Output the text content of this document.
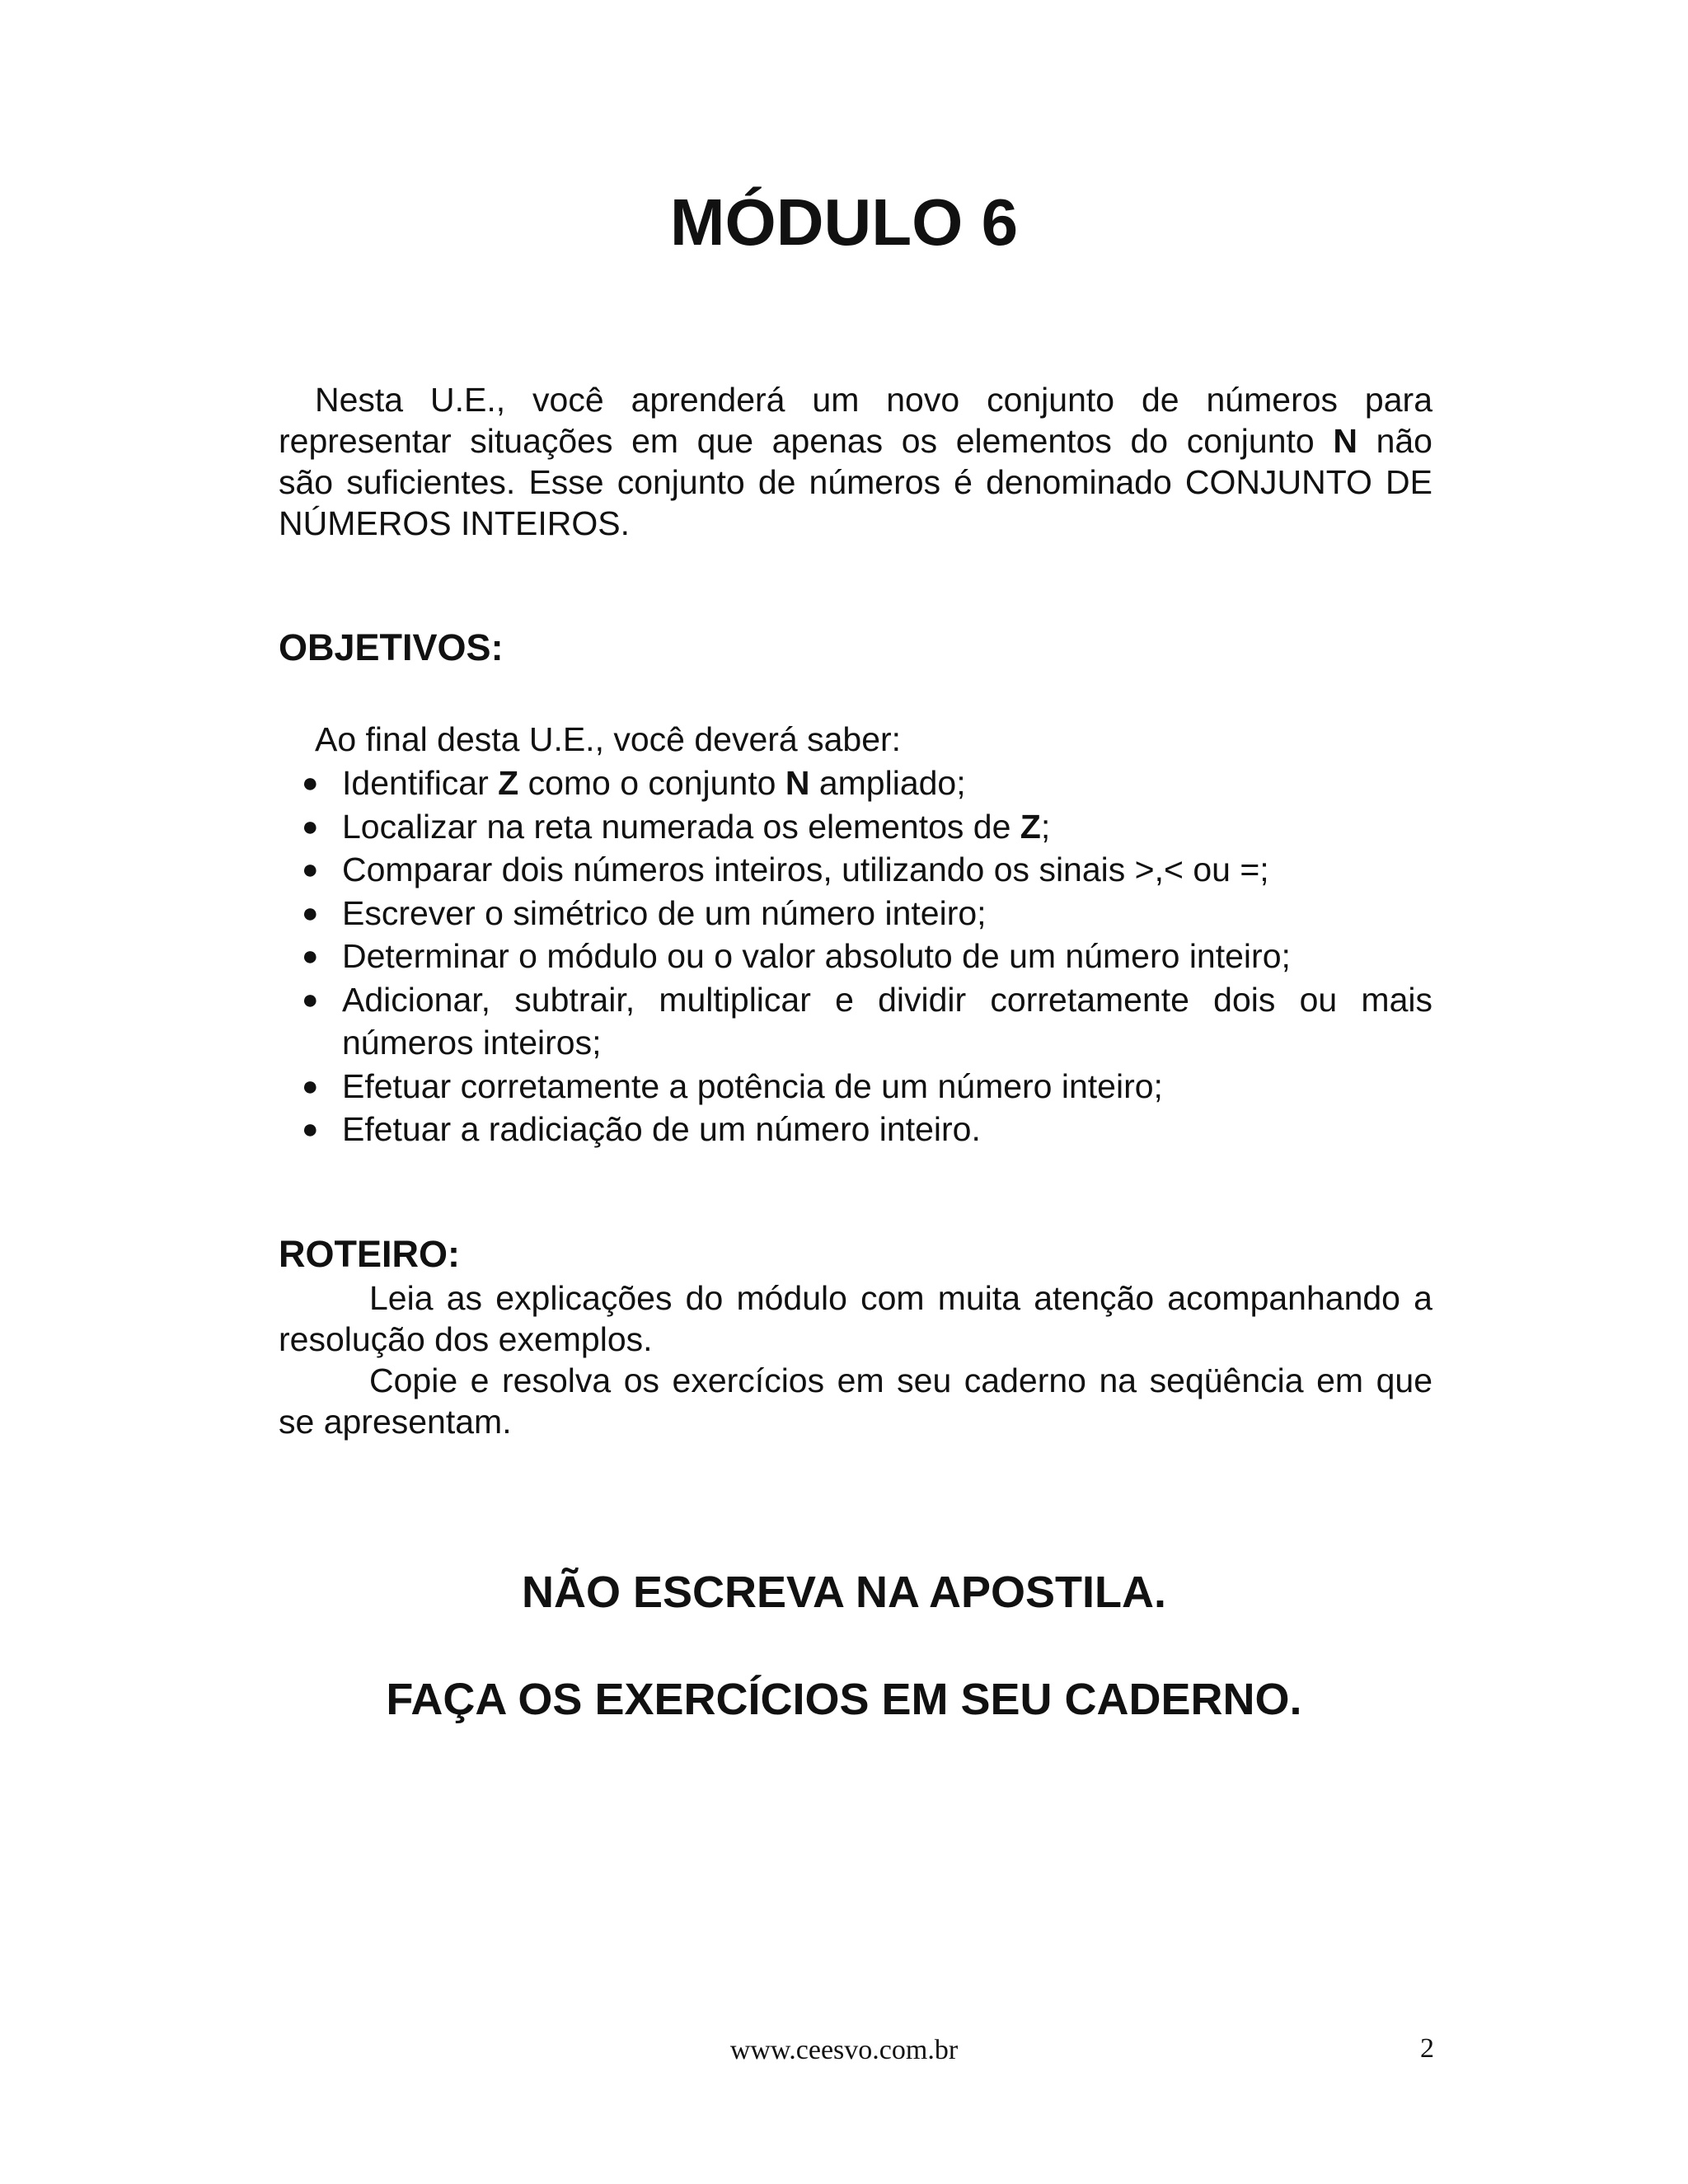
MÓDULO 6
Nesta U.E., você aprenderá um novo conjunto de números para
representar situações em que apenas os elementos do conjunto N não
são suficientes. Esse conjunto de números é denominado CONJUNTO DE NÚMEROS INTEIROS.
OBJETIVOS:
Ao final desta U.E., você deverá saber:
● Identificar Z como o conjunto N ampliado;
● Localizar na reta numerada os elementos de Z;
● Comparar dois números inteiros, utilizando os sinais >,< ou =;
● Escrever o simétrico de um número inteiro;
● Determinar o módulo ou o valor absoluto de um número inteiro;
● Adicionar, subtrair, multiplicar e dividir corretamente dois ou mais números inteiros;
● Efetuar corretamente a potência de um número inteiro;
● Efetuar a radiciação de um número inteiro.
ROTEIRO:

Leia as explicações do módulo com muita atenção acompanhando a resolução dos exemplos.

Copie e resolva os exercícios em seu caderno na seqüência em que se apresentam.

NÃO ESCREVA NA APOSTILA.

FAÇA OS EXERCÍCIOS EM SEU CADERNO.

www.ceesvo.com.br	2
